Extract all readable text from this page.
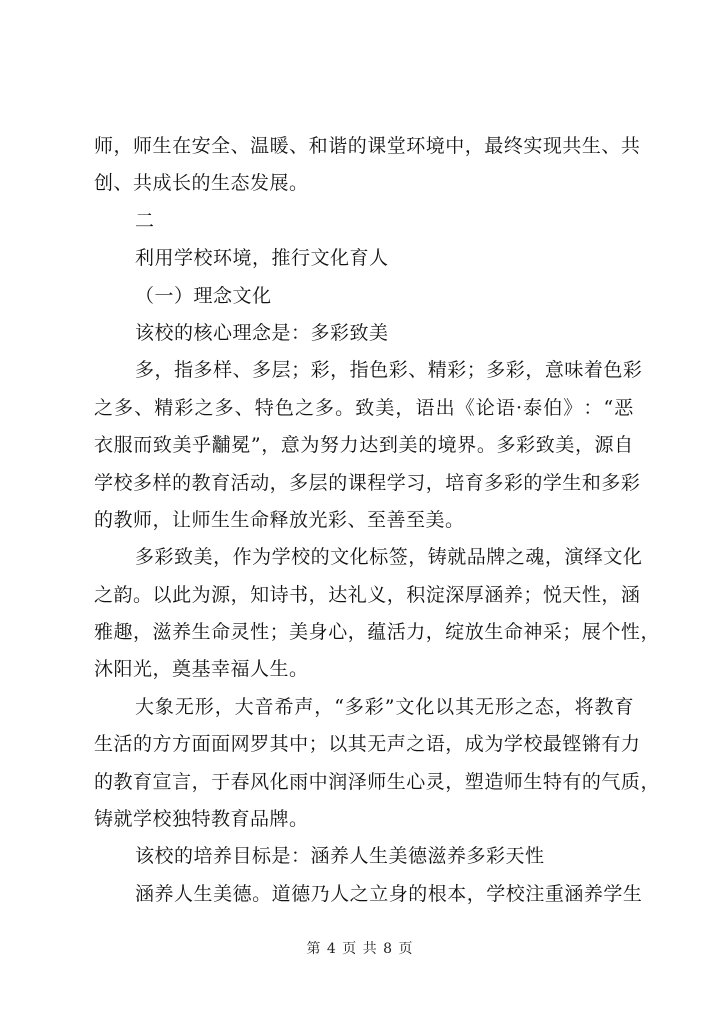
师 ， 师 生 在 安 全 、 温 暖 、 和 谐 的 课 堂 环 境 中 ， 最 终 实 现 共 生 、 共
创、共成长的生态发展。
二
利用学校环境，推行文化育人
（一）理念文化
该校的核心理念是：多彩致美
多 ， 指 多 样 、 多 层 ； 彩 ， 指 色 彩 、 精 彩 ； 多 彩 ， 意 味 着 色 彩
之 多 、 精 彩 之 多 、 特 色 之 多 。 致 美 ， 语 出 《 论 语 · 泰 伯 》 ： “ 恶
衣 服 而 致 美 乎 黼 冕 ” ， 意 为 努 力 达 到 美 的 境 界 。 多 彩 致 美 ， 源 自
学 校 多 样 的 教 育 活 动 ， 多 层 的 课 程 学 习 ， 培 育 多 彩 的 学 生 和 多 彩
的教师，让师生生命释放光彩、至善至美。
多 彩 致 美 ， 作 为 学 校 的 文 化 标 签 ， 铸 就 品 牌 之 魂 ， 演 绎 文 化
之 韵 。 以 此 为 源 ， 知 诗 书 ， 达 礼 义 ， 积 淀 深 厚 涵 养 ； 悦 天 性 ， 涵
雅 趣 ， 滋 养 生 命 灵 性 ； 美 身 心 ， 蕴 活 力 ， 绽 放 生 命 神 采 ； 展 个 性 ，
沐阳光，奠基幸福人生。
大 象 无 形 ， 大 音 希 声 ， “ 多 彩 ” 文 化 以 其 无 形 之 态 ， 将 教 育
生 活 的 方 方 面 面 网 罗 其 中 ； 以 其 无 声 之 语 ， 成 为 学 校 最 铿 锵 有 力
的 教 育 宣 言 ， 于 春 风 化 雨 中 润 泽 师 生 心 灵 ， 塑 造 师 生 特 有 的 气 质 ，
铸就学校独特教育品牌。
该校的培养目标是：涵养人生美德滋养多彩天性
涵 养 人 生 美 德 。 道 德 乃 人 之 立 身 的 根 本 ， 学 校 注 重 涵 养 学 生
第 4 页 共 8 页
